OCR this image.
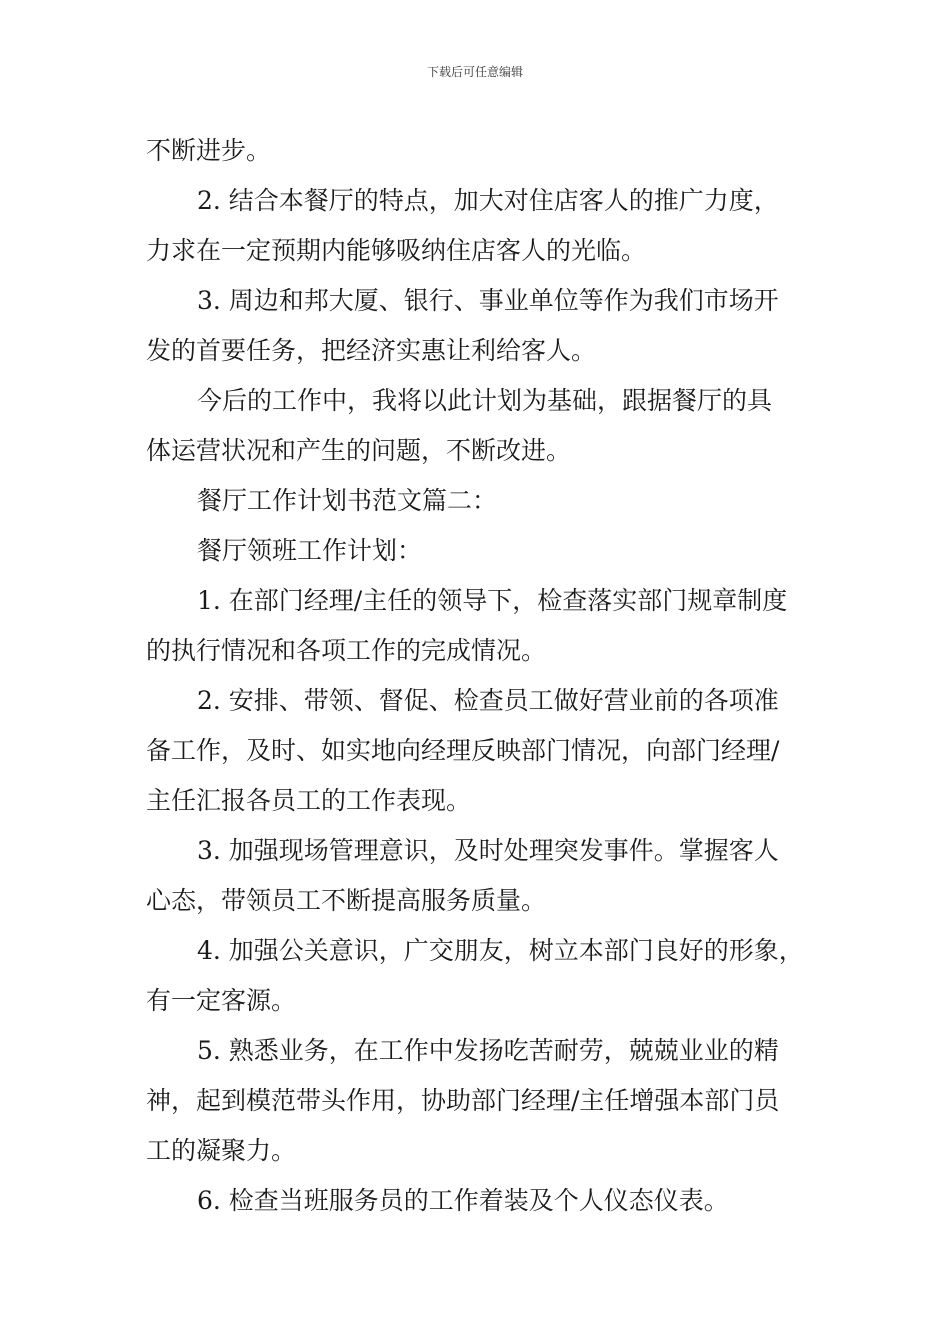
下载后可任意编辑
不断进步。
2. 结合本餐厅的特点，加大对住店客人的推广力度，
力求在一定预期内能够吸纳住店客人的光临。
3. 周边和邦大厦、银行、事业单位等作为我们市场开
发的首要任务，把经济实惠让利给客人。
今后的工作中，我将以此计划为基础，跟据餐厅的具
体运营状况和产生的问题，不断改进。
餐厅工作计划书范文篇二：
餐厅领班工作计划：
1. 在部门经理/主任的领导下，检查落实部门规章制度
的执行情况和各项工作的完成情况。
2. 安排、带领、督促、检查员工做好营业前的各项准
备工作，及时、如实地向经理反映部门情况，向部门经理/
主任汇报各员工的工作表现。
3. 加强现场管理意识，及时处理突发事件。掌握客人
心态，带领员工不断提高服务质量。
4. 加强公关意识，广交朋友，树立本部门良好的形象，
有一定客源。
5. 熟悉业务，在工作中发扬吃苦耐劳，兢兢业业的精
神，起到模范带头作用，协助部门经理/主任增强本部门员
工的凝聚力。
6. 检查当班服务员的工作着装及个人仪态仪表。
